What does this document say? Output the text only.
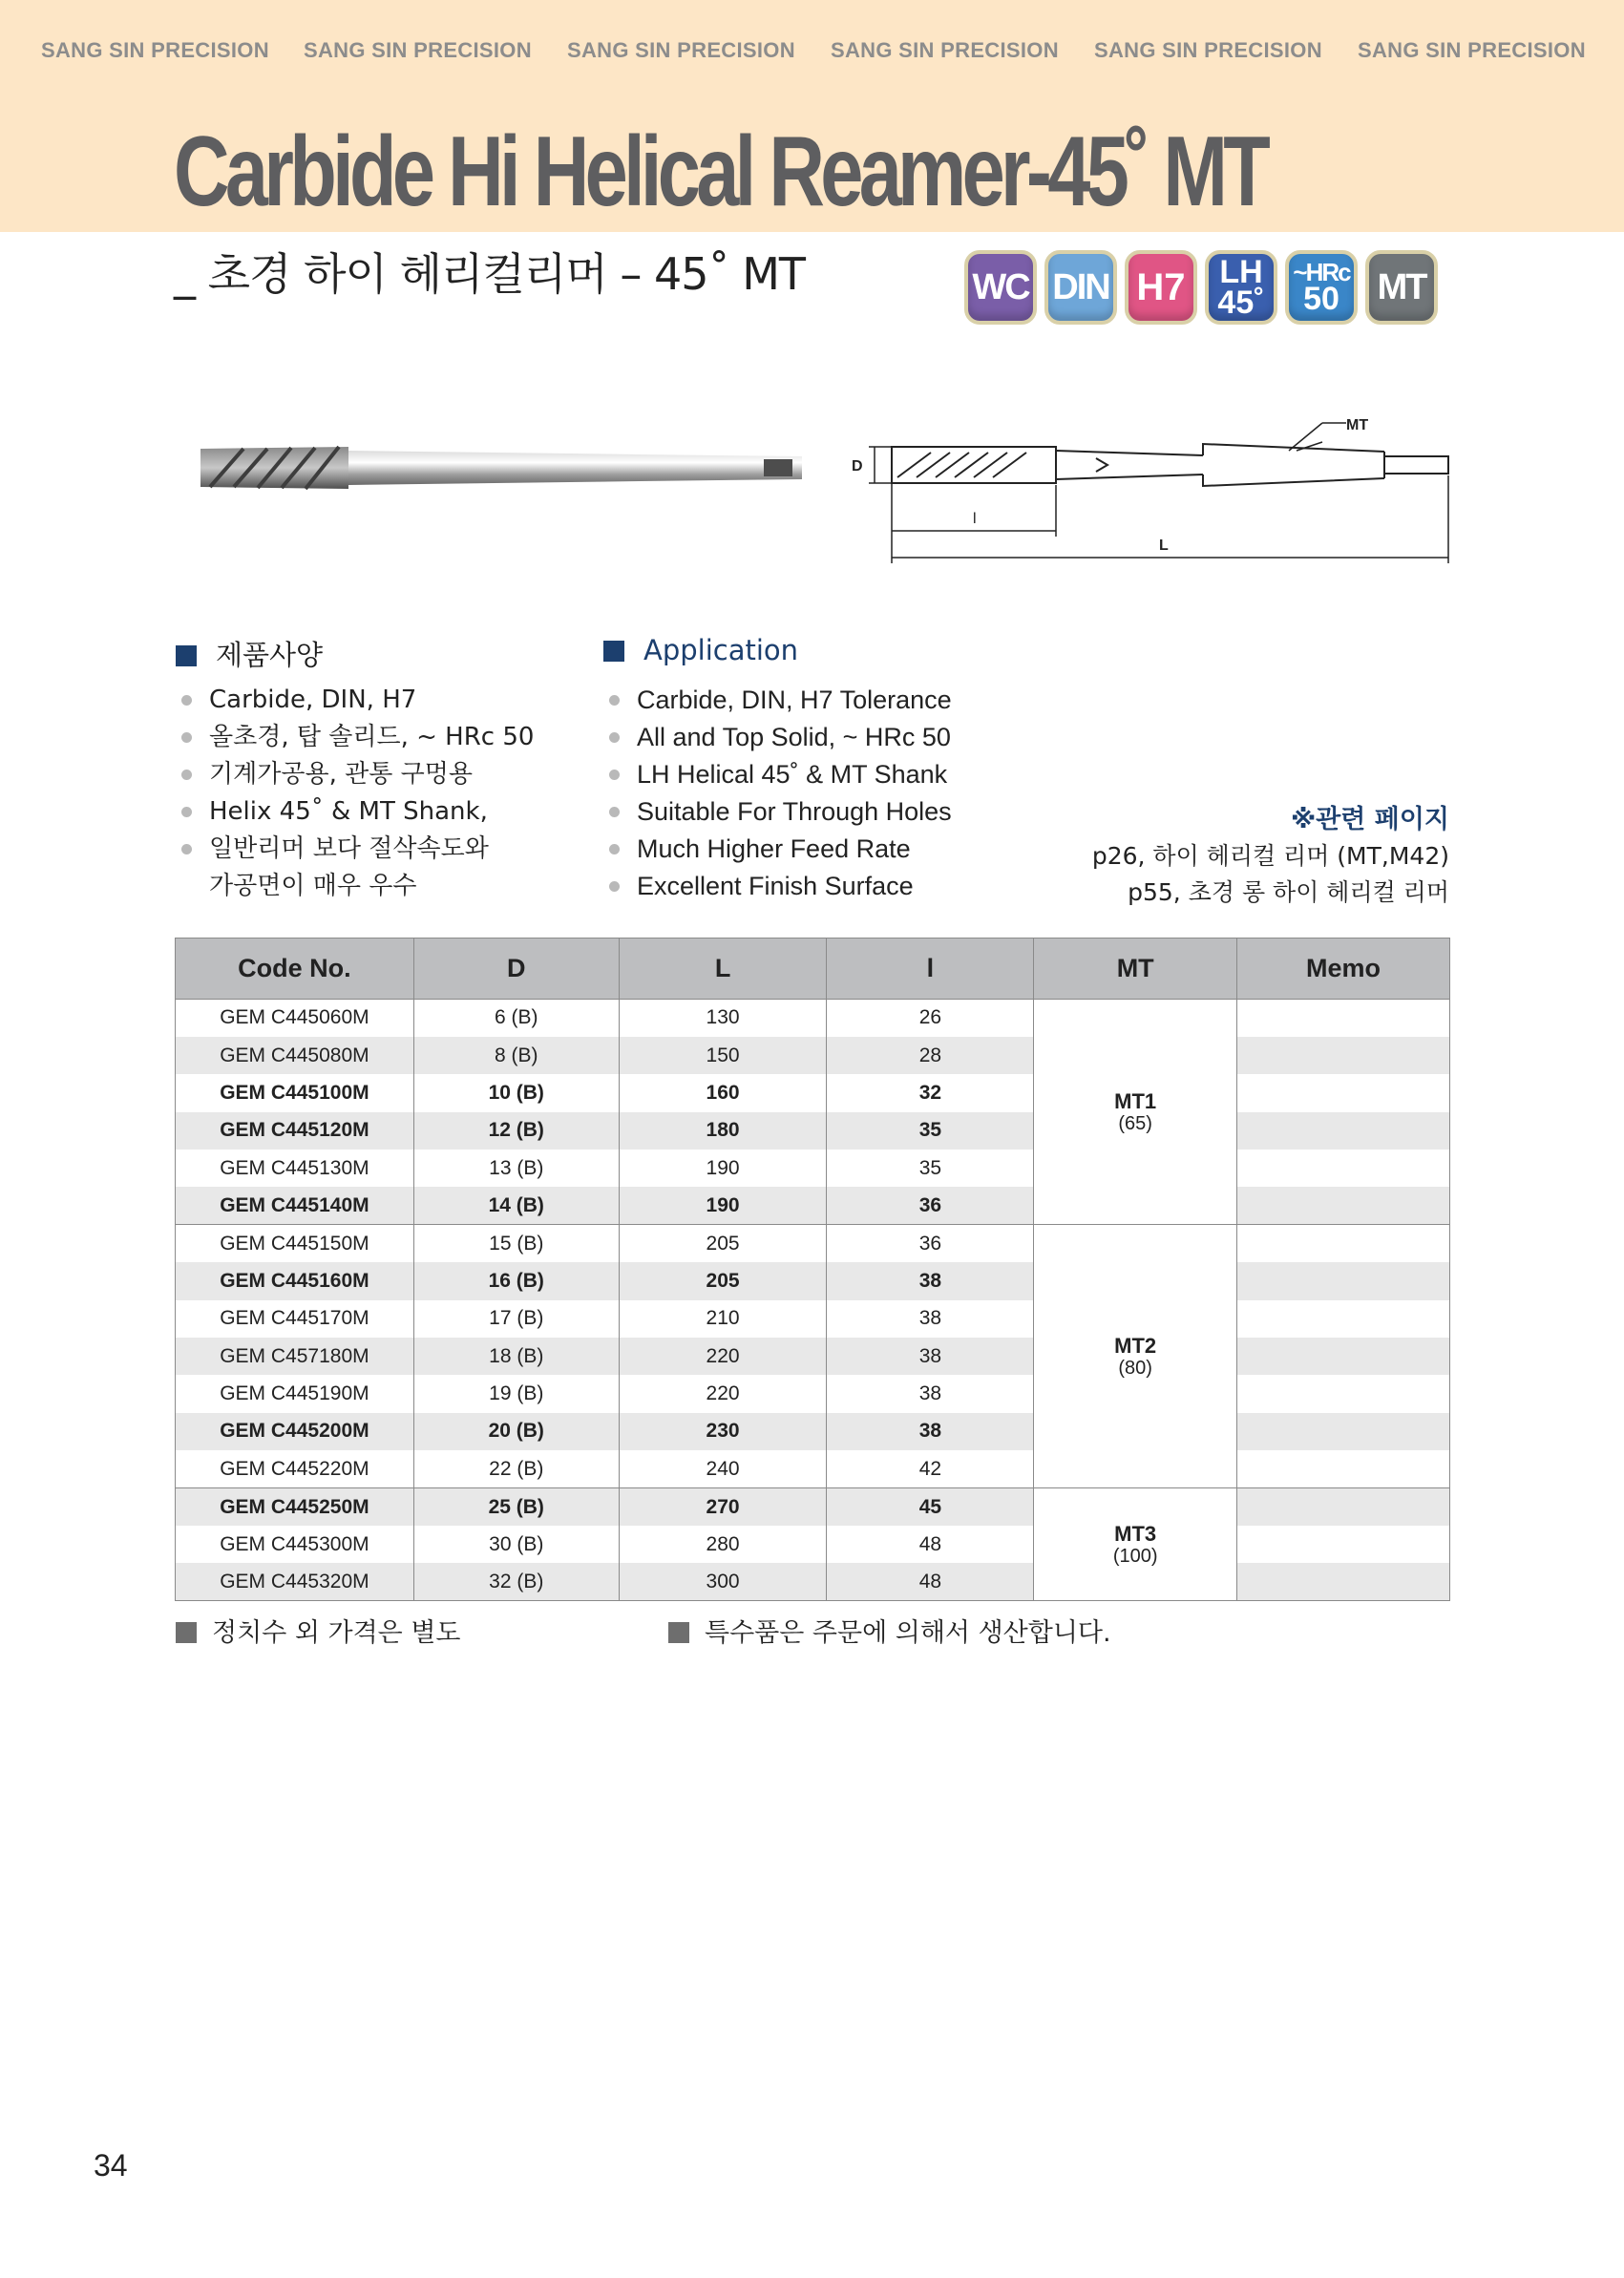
SANG SIN PRECISION SANG SIN PRECISION SANG SIN PRECISION SANG SIN PRECISION SANG SIN PRECISION SANG SIN PRECISION
Carbide Hi Helical Reamer-45˚ MT
_ 초경 하이 헤리컬리머 – 45˚ MT	WC DIN H7 LH
45˚
~HRc
50 MT
MT
D
l
L
제품사양	Application
Carbide, DIN, H7
올초경, 탑 솔리드, ~ HRc 50
기계가공용, 관통 구멍용
Helix 45˚ & MT Shank,
일반리머 보다 절삭속도와
가공면이 매우 우수
Carbide, DIN, H7 Tolerance
All and Top Solid, ~ HRc 50
LH Helical 45˚ & MT Shank
Suitable For Through Holes
Much Higher Feed Rate
Excellent Finish Surface
※관련 페이지
p26, 하이 헤리컬 리머 (MT,M42)
p55, 초경 롱 하이 헤리컬 리머
Code No.	D	L	l	MT	Memo
GEM C445060M	6 (B)	130	26	MT1
(65)	

GEM C445080M	8 (B)	150	28		
GEM C445100M	10 (B)	160	32		
GEM C445120M	12 (B)	180	35		
GEM C445130M	13 (B)	190	35		
GEM C445140M	14 (B)	190	36		
GEM C445150M	15 (B)	205	36	MT2
(80)	

GEM C445160M	16 (B)	205	38		
GEM C445170M	17 (B)	210	38		
GEM C457180M	18 (B)	220	38		
GEM C445190M	19 (B)	220	38		
GEM C445200M	20 (B)	230	38		
GEM C445220M	22 (B)	240	42		
GEM C445250M	25 (B)	270	45	MT3
(100)	

GEM C445300M	30 (B)	280	48		
GEM C445320M	32 (B)	300	48		
정치수 외 가격은 별도	특수품은 주문에 의해서 생산합니다.
34
